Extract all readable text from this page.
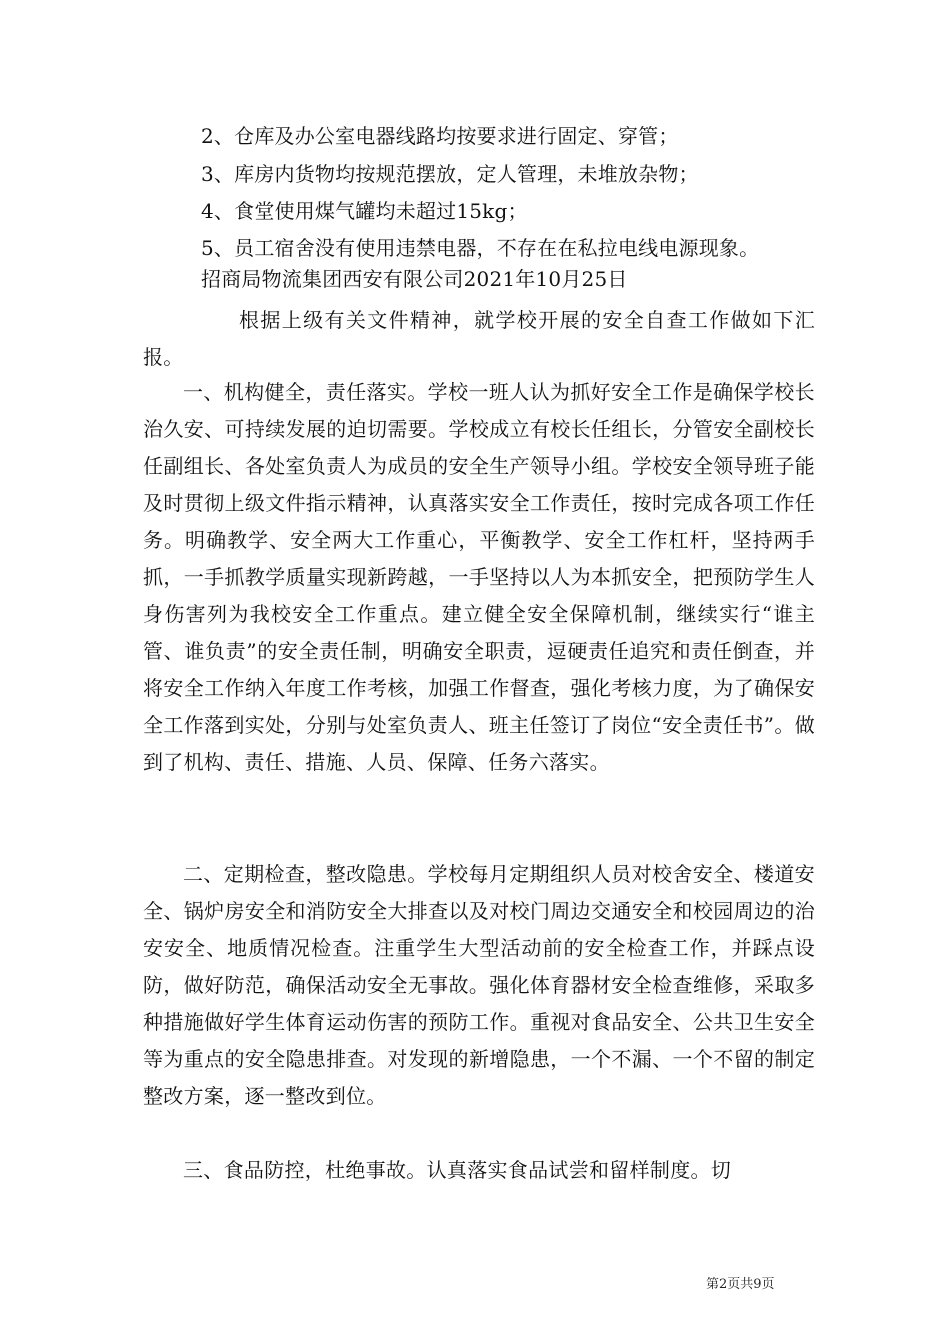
2、仓库及办公室电器线路均按要求进行固定、穿管；
3、库房内货物均按规范摆放，定人管理，未堆放杂物；
4、食堂使用煤气罐均未超过15kg；
5、员工宿舍没有使用违禁电器，不存在在私拉电线电源现象。
招商局物流集团西安有限公司2021年10月25日
根据上级有关文件精神，就学校开展的安全自查工作做如下汇报。
一、机构健全，责任落实。学校一班人认为抓好安全工作是确保学校长治久安、可持续发展的迫切需要。学校成立有校长任组长，分管安全副校长任副组长、各处室负责人为成员的安全生产领导小组。学校安全领导班子能及时贯彻上级文件指示精神，认真落实安全工作责任，按时完成各项工作任务。明确教学、安全两大工作重心，平衡教学、安全工作杠杆，坚持两手抓，一手抓教学质量实现新跨越，一手坚持以人为本抓安全，把预防学生人身伤害列为我校安全工作重点。建立健全安全保障机制，继续实行“谁主管、谁负责”的安全责任制，明确安全职责，逗硬责任追究和责任倒查，并将安全工作纳入年度工作考核，加强工作督查，强化考核力度，为了确保安全工作落到实处，分别与处室负责人、班主任签订了岗位“安全责任书”。做到了机构、责任、措施、人员、保障、任务六落实。
二、定期检查，整改隐患。学校每月定期组织人员对校舍安全、楼道安全、锅炉房安全和消防安全大排查以及对校门周边交通安全和校园周边的治安安全、地质情况检查。注重学生大型活动前的安全检查工作，并踩点设防，做好防范，确保活动安全无事故。强化体育器材安全检查维修，采取多种措施做好学生体育运动伤害的预防工作。重视对食品安全、公共卫生安全等为重点的安全隐患排查。对发现的新增隐患，一个不漏、一个不留的制定整改方案，逐一整改到位。
三、食品防控，杜绝事故。认真落实食品试尝和留样制度。切
第2页共9页
